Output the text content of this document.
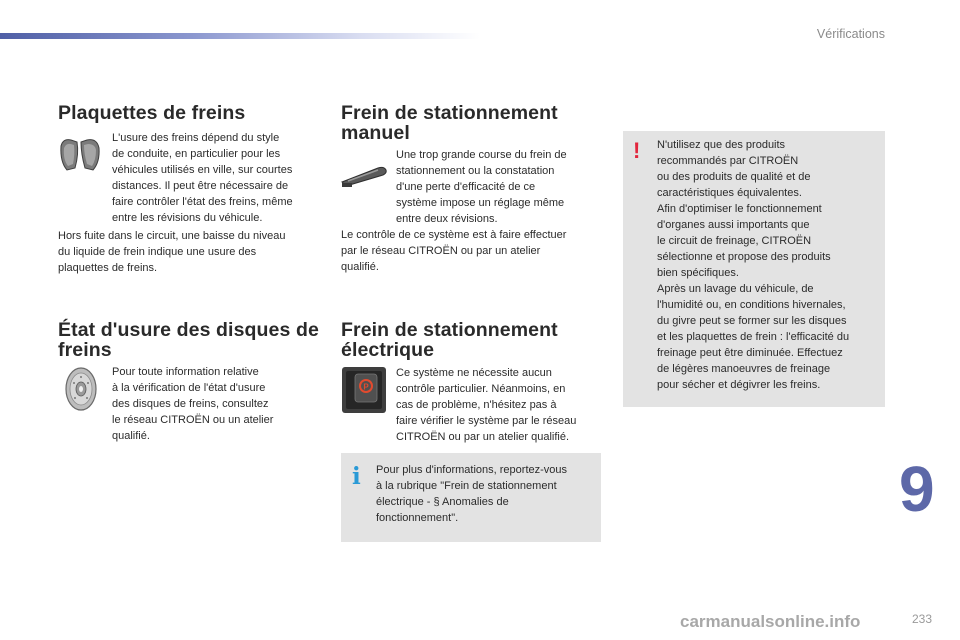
Vérifications
Plaquettes de freins
L'usure des freins dépend du style
de conduite, en particulier pour les
véhicules utilisés en ville, sur courtes
distances. Il peut être nécessaire de
faire contrôler l'état des freins, même
entre les révisions du véhicule.
Hors fuite dans le circuit, une baisse du niveau
du liquide de frein indique une usure des
plaquettes de freins.
État d'usure des disques de
freins
Pour toute information relative
à la vérification de l'état d'usure
des disques de freins, consultez
le réseau CITROËN ou un atelier
qualifié.
Frein de stationnement
manuel
Une trop grande course du frein de
stationnement ou la constatation
d'une perte d'efficacité de ce
système impose un réglage même
entre deux révisions.
Le contrôle de ce système est à faire effectuer
par le réseau CITROËN ou par un atelier
qualifié.
Frein de stationnement
électrique
P
Ce système ne nécessite aucun
contrôle particulier. Néanmoins, en
cas de problème, n'hésitez pas à
faire vérifier le système par le réseau
CITROËN ou par un atelier qualifié.
i Pour plus d'informations, reportez-vous
à la rubrique "Frein de stationnement
électrique - § Anomalies de
fonctionnement".
! N'utilisez que des produits
recommandés par CITROËN
ou des produits de qualité et de
caractéristiques équivalentes.
Afin d'optimiser le fonctionnement
d'organes aussi importants que
le circuit de freinage, CITROËN
sélectionne et propose des produits
bien spécifiques.
Après un lavage du véhicule, de
l'humidité ou, en conditions hivernales,
du givre peut se former sur les disques
et les plaquettes de frein : l'efficacité du
freinage peut être diminuée. Effectuez
de légères manoeuvres de freinage
pour sécher et dégivrer les freins.
9
233
carmanualsonline.info
